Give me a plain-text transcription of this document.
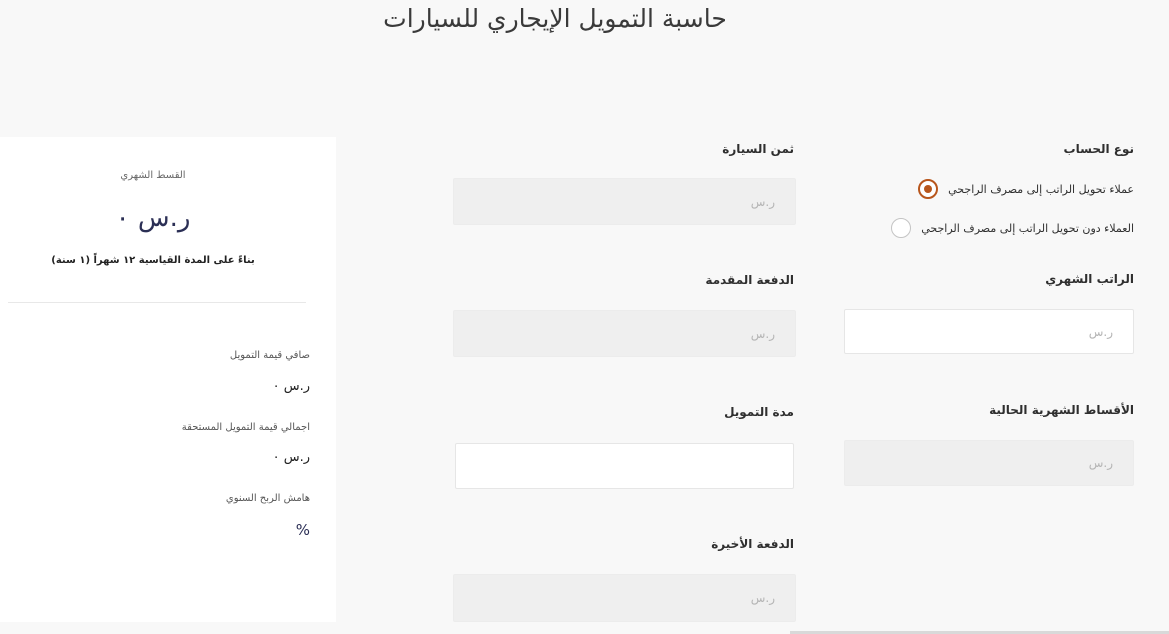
حاسبة التمويل الإيجاري للسيارات
نوع الحساب
عملاء تحويل الراتب إلى مصرف الراجحي
العملاء دون تحويل الراتب إلى مصرف الراجحي
الراتب الشهري
ر.س
الأقساط الشهرية الحالية
ر.س
ثمن السيارة
ر.س
الدفعة المقدمة
ر.س
مدة التمويل
الدفعة الأخيرة
ر.س
القسط الشهري
ر.س ٠
بناءً على المدة القياسية ١٢ شهراً (١ سنة)
صافي قيمة التمويل
ر.س ٠
اجمالي قيمة التمويل المستحقة
ر.س ٠
هامش الربح السنوي
%
